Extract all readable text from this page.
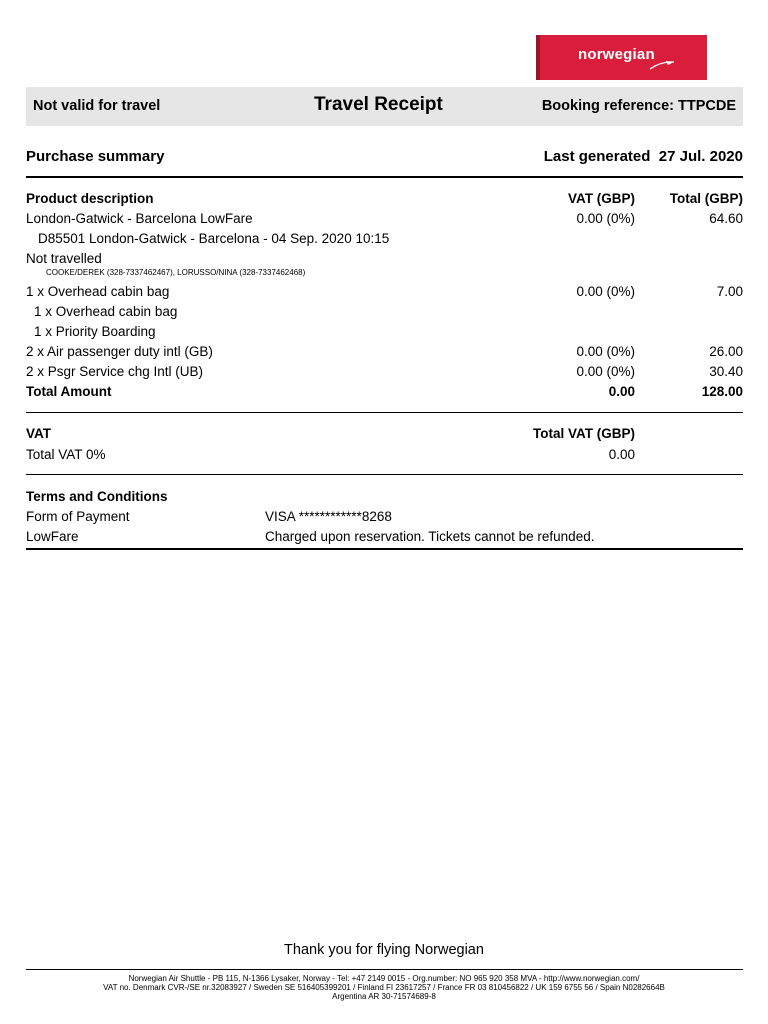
norwegian
Not valid for travel	Travel Receipt	Booking reference: TTPCDE
Purchase summary	Last generated 27 Jul. 2020
Product description	VAT (GBP)	Total (GBP)
London-Gatwick - Barcelona LowFare	0.00 (0%)	64.60
D85501 London-Gatwick - Barcelona - 04 Sep. 2020 10:15
Not travelled
COOKE/DEREK (328-7337462467), LORUSSO/NINA (328-7337462468)
1 x Overhead cabin bag	0.00 (0%)	7.00
1 x Overhead cabin bag
1 x Priority Boarding
2 x Air passenger duty intl (GB)	0.00 (0%)	26.00
2 x Psgr Service chg Intl (UB)	0.00 (0%)	30.40
Total Amount	0.00	128.00
VAT	Total VAT (GBP)
Total VAT 0%	0.00
Terms and Conditions
Form of Payment	VISA ************8268
LowFare	Charged upon reservation. Tickets cannot be refunded.
Thank you for flying Norwegian
Norwegian Air Shuttle - PB 115, N-1366 Lysaker, Norway - Tel: +47 2149 0015 - Org.number: NO 965 920 358 MVA - http://www.norwegian.com/
VAT no. Denmark CVR-/SE nr.32083927 / Sweden SE 516405399201 / Finland FI 23617257 / France FR 03 810456822 / UK 159 6755 56 / Spain N0282664B
Argentina AR 30-71574689-8
